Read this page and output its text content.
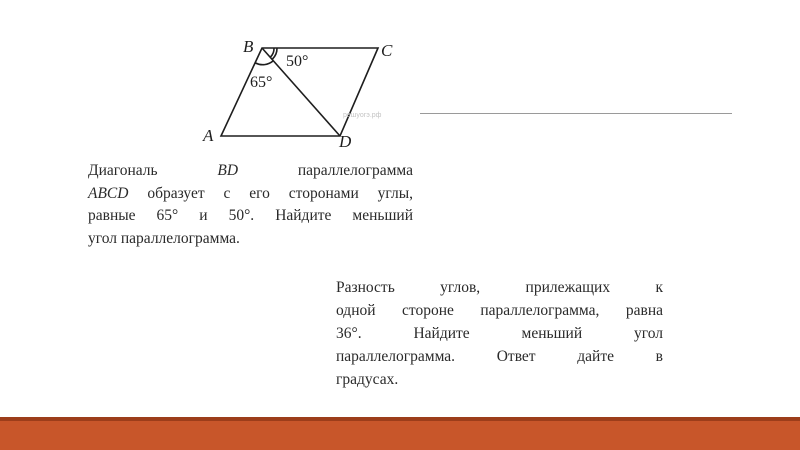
B	C
A	D
50°
65°
решуогэ.рф
Диагональ BD параллелограмма
ABCD образует с его сторонами углы,
равные 65° и 50°. Найдите меньший
угол параллелограмма.
Разность углов, прилежащих к
одной стороне параллелограмма, равна
36°. Найдите меньший угол
параллелограмма. Ответ дайте в
градусах.
